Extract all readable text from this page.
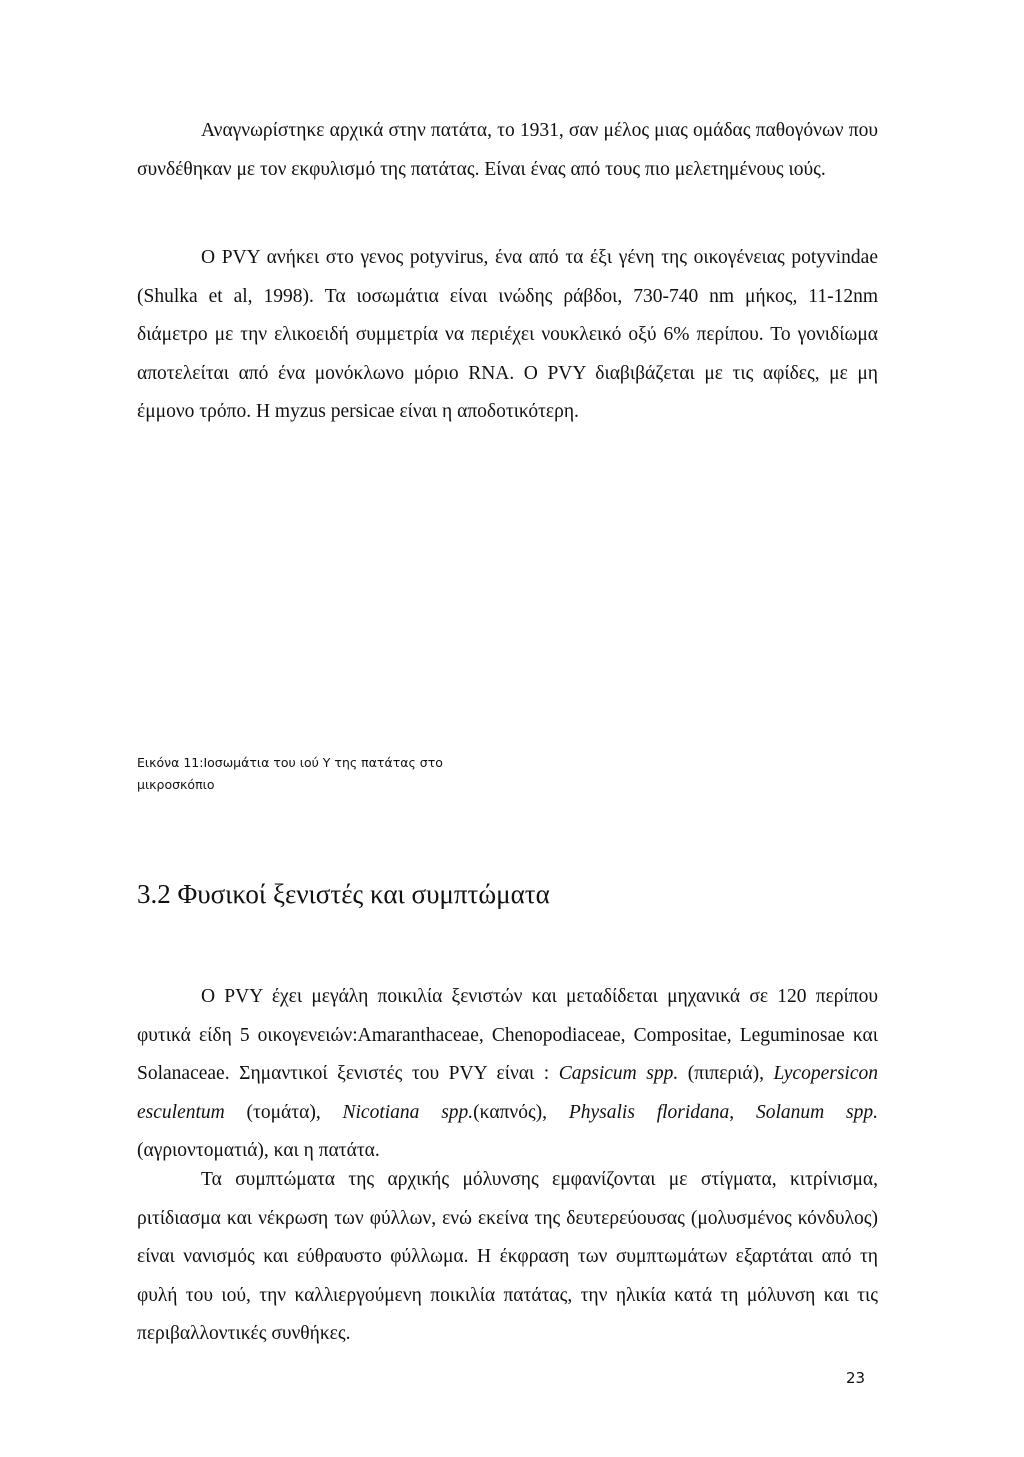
Αναγνωρίστηκε αρχικά στην πατάτα, το 1931, σαν μέλος μιας ομάδας παθογόνων που συνδέθηκαν με τον εκφυλισμό της πατάτας. Είναι ένας από τους πιο μελετημένους ιούς.

Ο PVY ανήκει στο γενος potyvirus, ένα από τα έξι γένη της οικογένειας potyvindae (Shulka et al, 1998). Τα ιοσωμάτια είναι ινώδης ράβδοι, 730-740 nm μήκος, 11-12nm διάμετρο με την ελικοειδή συμμετρία να περιέχει νουκλεικό οξύ 6% περίπου. Το γονιδίωμα αποτελείται από ένα μονόκλωνο μόριο RNA. Ο PVY διαβιβάζεται με τις αφίδες, με μη έμμονο τρόπο. Η myzus persicae είναι η αποδοτικότερη.

Εικόνα 11:Ιοσωμάτια του ιού Υ της πατάτας στο μικροσκόπιο

3.2 Φυσικοί ξενιστές και συμπτώματα

Ο PVY έχει μεγάλη ποικιλία ξενιστών και μεταδίδεται μηχανικά σε 120 περίπου φυτικά είδη 5 οικογενειών:Amaranthaceae, Chenopodiaceae, Compositae, Leguminosae και Solanaceae. Σημαντικοί ξενιστές του PVY είναι : Capsicum spp. (πιπεριά), Lycopersicon esculentum (τομάτα), Nicotiana spp.(καπνός), Physalis floridana, Solanum spp. (αγριοντοματιά), και η πατάτα.

Τα συμπτώματα της αρχικής μόλυνσης εμφανίζονται με στίγματα, κιτρίνισμα, ριτίδιασμα και νέκρωση των φύλλων, ενώ εκείνα της δευτερεύουσας (μολυσμένος κόνδυλος) είναι νανισμός και εύθραυστο φύλλωμα. Η έκφραση των συμπτωμάτων εξαρτάται από τη φυλή του ιού, την καλλιεργούμενη ποικιλία πατάτας, την ηλικία κατά τη μόλυνση και τις περιβαλλοντικές συνθήκες.

23
